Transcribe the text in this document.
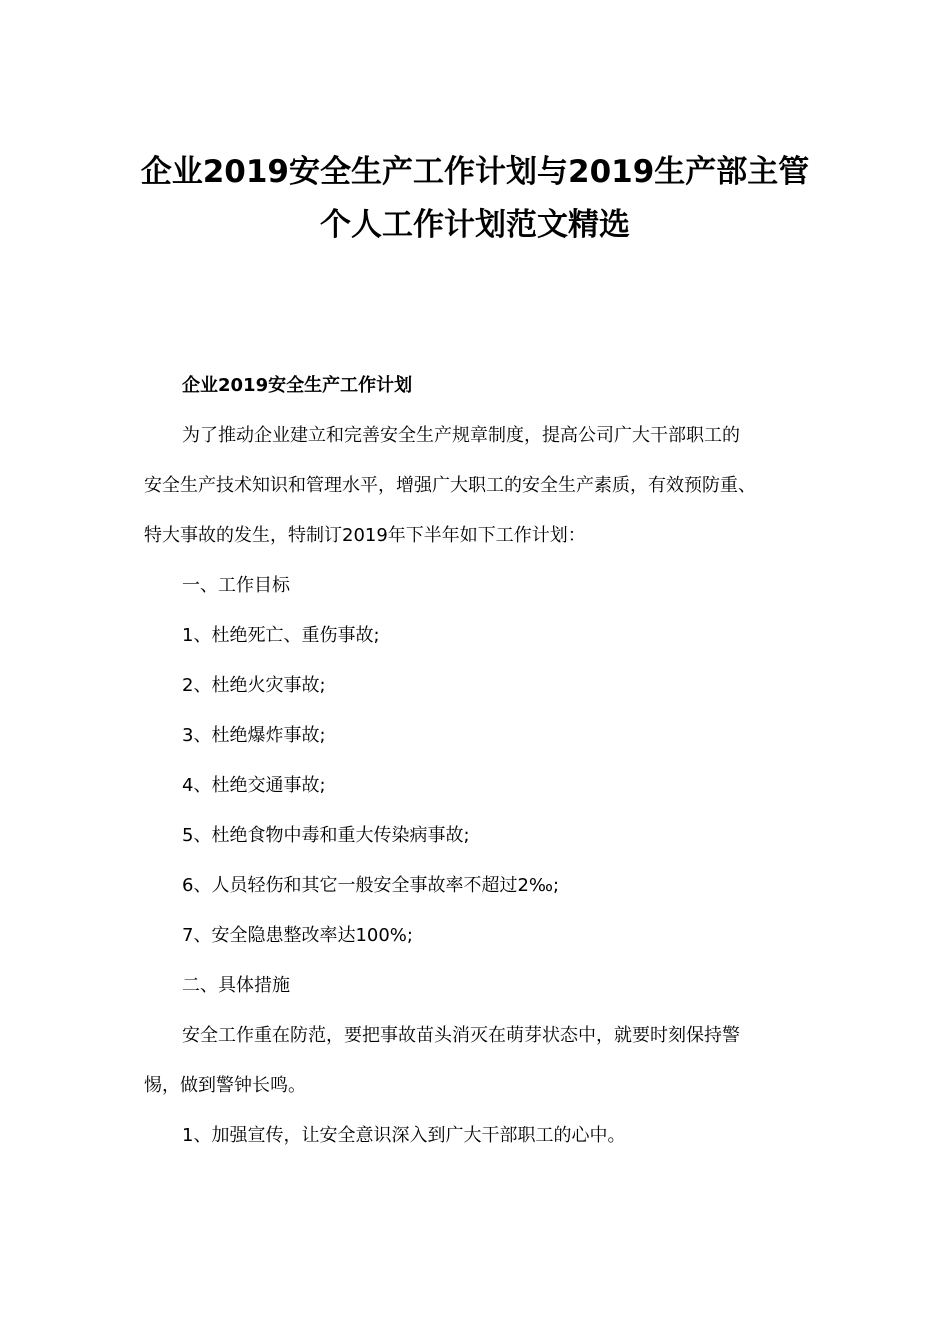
企业2019安全生产工作计划与2019生产部主管
个人工作计划范文精选

企业2019安全生产工作计划

为了推动企业建立和完善安全生产规章制度，提高公司广大干部职工的

安全生产技术知识和管理水平，增强广大职工的安全生产素质，有效预防重、

特大事故的发生，特制订2019年下半年如下工作计划：

一、工作目标

1、杜绝死亡、重伤事故;

2、杜绝火灾事故;

3、杜绝爆炸事故;

4、杜绝交通事故;

5、杜绝食物中毒和重大传染病事故;

6、人员轻伤和其它一般安全事故率不超过2‰;

7、安全隐患整改率达100%;

二、具体措施

安全工作重在防范，要把事故苗头消灭在萌芽状态中，就要时刻保持警

惕，做到警钟长鸣。

1、加强宣传，让安全意识深入到广大干部职工的心中。
